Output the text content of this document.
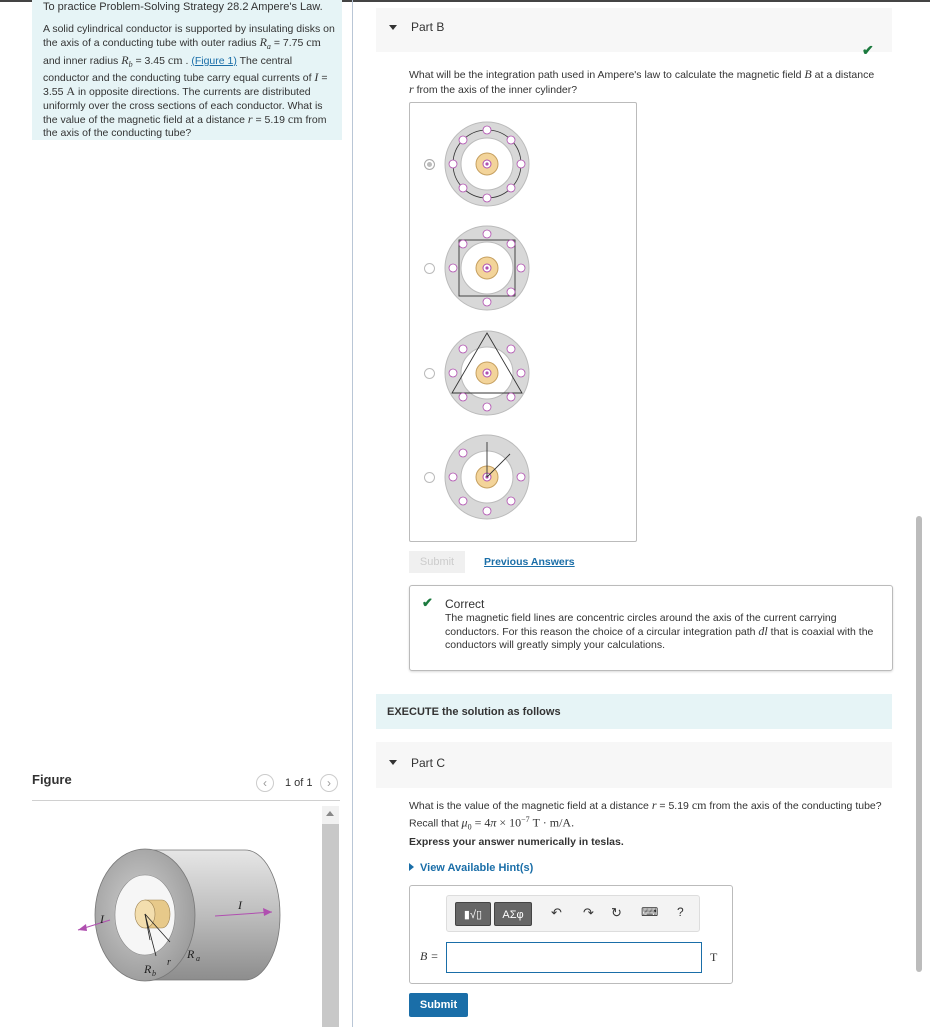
To practice Problem-Solving Strategy 28.2 Ampere's Law.
A solid cylindrical conductor is supported by insulating disks on the axis of a conducting tube with outer radius $R_a = 7.75$ cm and inner radius $R_b = 3.45$ cm . (Figure 1) The central conductor and the conducting tube carry equal currents of I = 3.55 A in opposite directions. The currents are distributed uniformly over the cross sections of each conductor. What is the value of the magnetic field at a distance r = 5.19 cm from the axis of the conducting tube?
Figure	‹	1 of 1	›
I
I
R a
R b
r
Part B
✔
What will be the integration path used in Ampere's law to calculate the magnetic field B at a distance
r from the axis of the inner cylinder?
Submit	Previous Answers
✔ Correct
The magnetic field lines are concentric circles around the axis of the current carrying conductors. For this reason the choice of a circular integration path dl that is coaxial with the conductors will greatly simply your calculations.
EXECUTE the solution as follows
Part C
What is the value of the magnetic field at a distance r = 5.19 cm from the axis of the conducting tube? Recall that $\mu_0 = 4\pi \times 10^{-7}$ T · m/A.
Express your answer numerically in teslas.
View Available Hint(s)
▮√▯	ΑΣφ	↶ ↷ ↻ ⌨ ?
B =	T
Submit
